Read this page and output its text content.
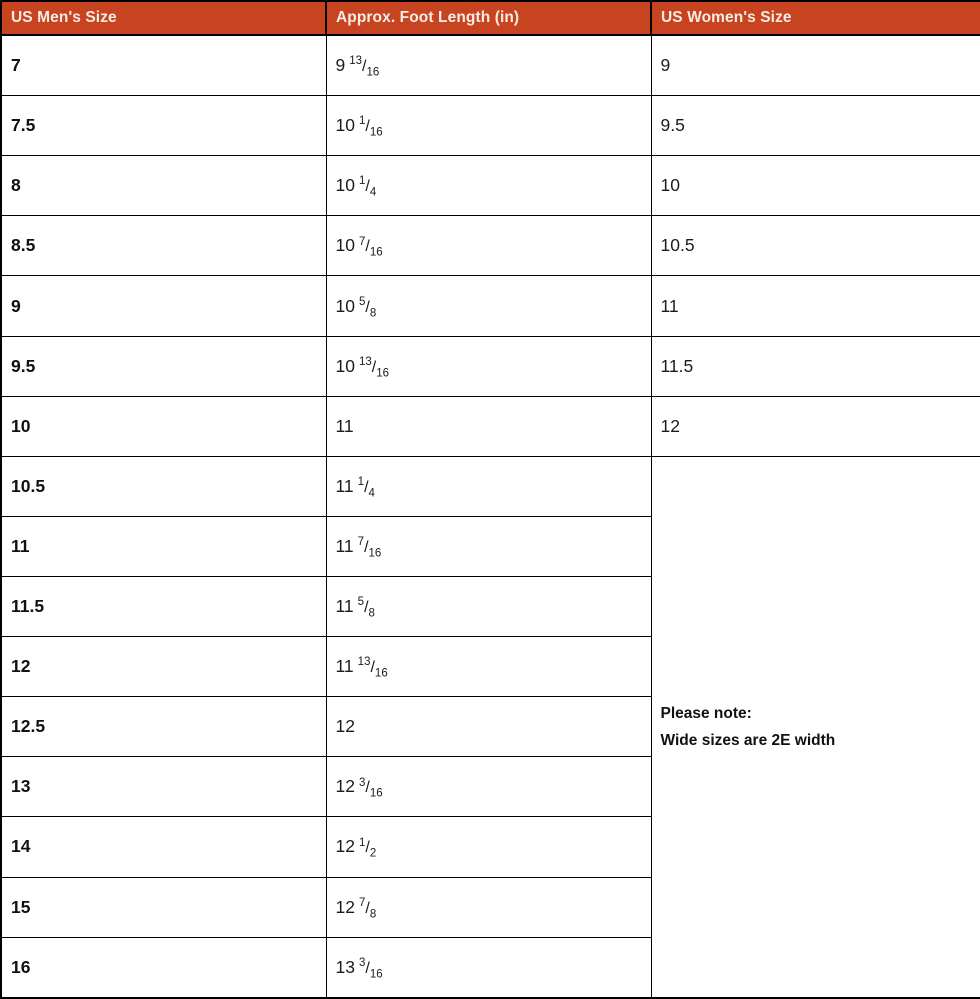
US Men's Size	Approx. Foot Length (in)	US Women's Size
7	9 $^{13}/_{16}$	9
7.5	10 $^1/_{16}$	9.5
8	10 $^1/_4$	10
8.5	10 $^7/_{16}$	10.5
9	10 $^5/_8$	11
9.5	10 $^{13}/_{16}$	11.5
10	11	12
10.5	11 $^1/_4$	Please note:
Wide sizes are 2E width

11	11 $^7/_{16}$
11.5	11 $^5/_8$
12	11 $^{13}/_{16}$
12.5	12	
13	12 $^3/_{16}$
14	12 $^1/_2$
15	12 $^7/_8$
16	13 $^3/_{16}$
